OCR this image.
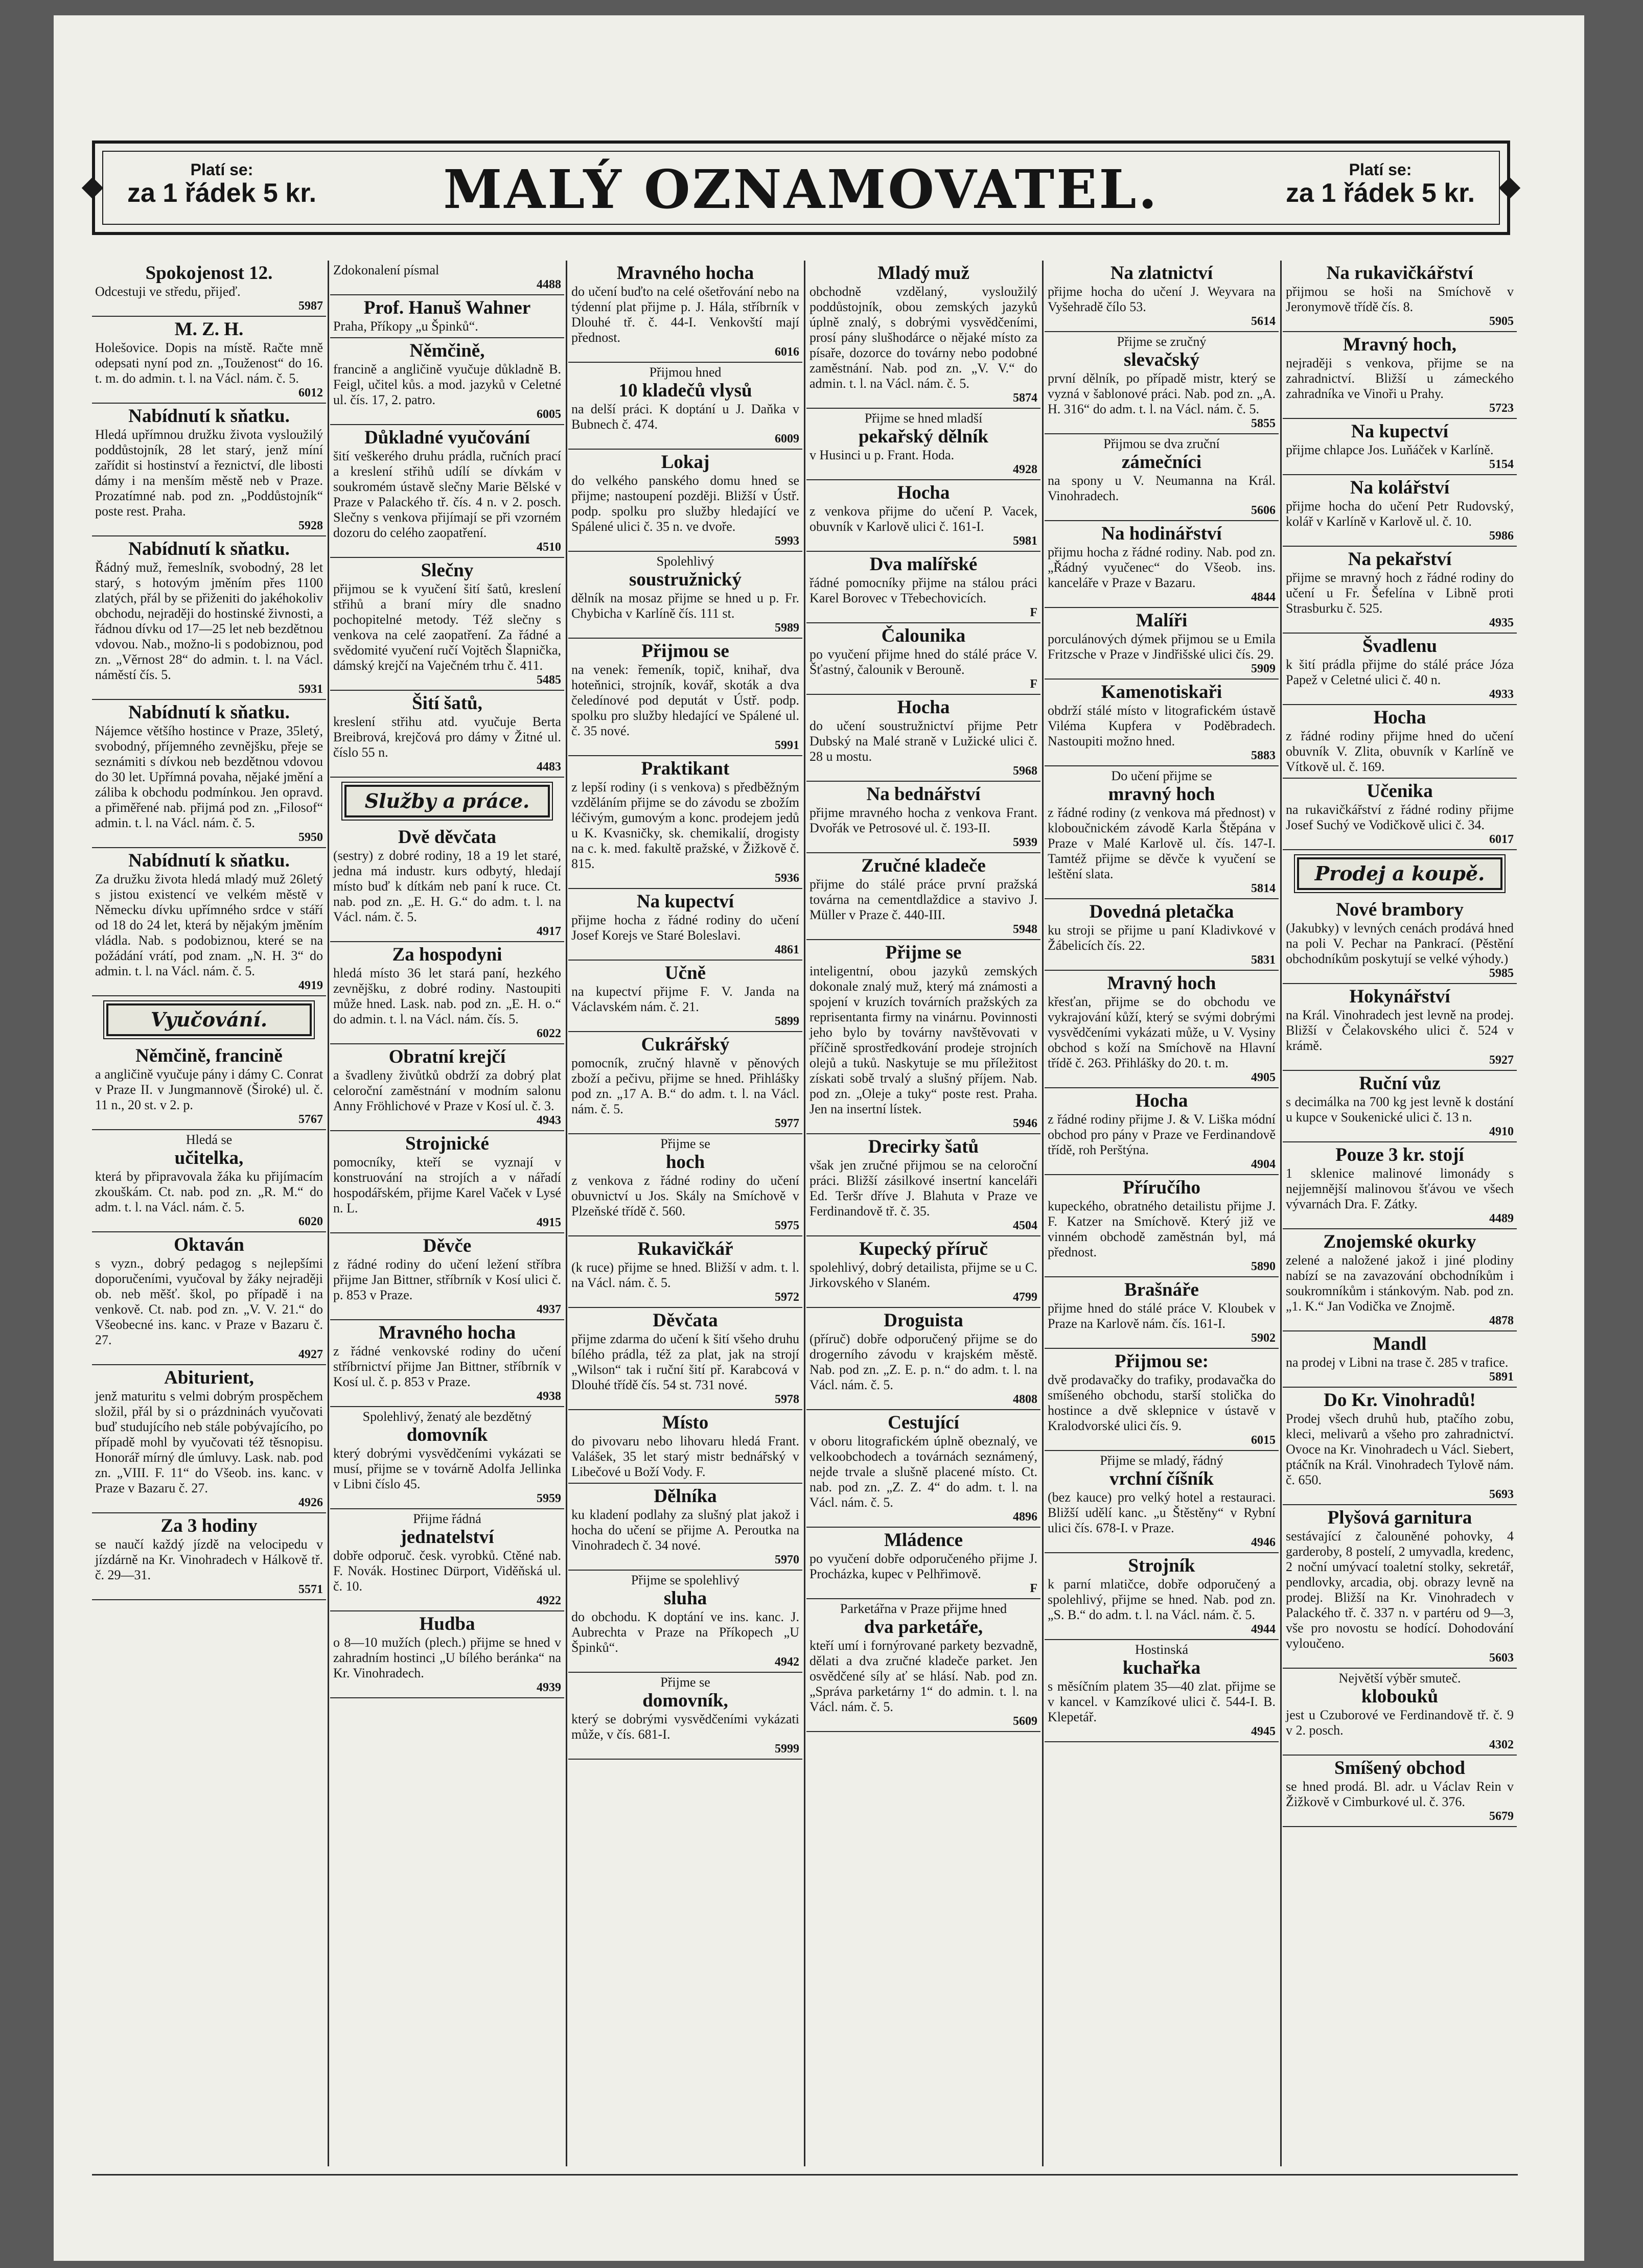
Platí se:
za 1 řádek 5 kr.	MALÝ OZNAMOVATEL.	Platí se:
za 1 řádek 5 kr.
Spokojenost 12.
Odcestuji ve středu, přijeď.
5987
M. Z. H.
Holešovice. Dopis na místě. Račte mně odepsati nyní pod zn. „Touženost“ do 16. t. m. do admin. t. l. na Václ. nám. č. 5.
6012
Nabídnutí k sňatku.
Hledá upřímnou družku života vysloužilý poddůstojník, 28 let starý, jenž míní zařídit si hostinství a řeznictví, dle libosti dámy i na menším městě neb v Praze. Prozatímné nab. pod zn. „Poddůstojník“ poste rest. Praha.
5928
Nabídnutí k sňatku.
Řádný muž, řemeslník, svobodný, 28 let starý, s hotovým jměním přes 1100 zlatých, přál by se přiženiti do jakéhokoliv obchodu, nejraději do hostinské živnosti, a řádnou dívku od 17—25 let neb bezdětnou vdovou. Nab., možno-li s podobiznou, pod zn. „Věrnost 28“ do admin. t. l. na Václ. náměstí čís. 5.
5931
Nabídnutí k sňatku.
Nájemce většího hostince v Praze, 35letý, svobodný, příjemného zevnějšku, přeje se seznámiti s dívkou neb bezdětnou vdovou do 30 let. Upřímná povaha, nějaké jmění a záliba k obchodu podmínkou. Jen opravd. a přiměřené nab. přijmá pod zn. „Filosof“ admin. t. l. na Václ. nám. č. 5.
5950
Nabídnutí k sňatku.
Za družku života hledá mladý muž 26letý s jistou existencí ve velkém městě v Německu dívku upřímného srdce v stáří od 18 do 24 let, která by nějakým jměním vládla. Nab. s podobiznou, které se na požádání vrátí, pod znam. „N. H. 3“ do admin. t. l. na Václ. nám. č. 5.
4919
Vyučování.
Němčině, francině
a angličině vyučuje pány i dámy C. Conrat v Praze II. v Jungmannově (Široké) ul. č. 11 n., 20 st. v 2. p.
5767
Hledá se
učitelka,
která by připravovala žáka ku přijímacím zkouškám. Ct. nab. pod zn. „R. M.“ do adm. t. l. na Václ. nám. č. 5.
6020
Oktaván
s vyzn., dobrý pedagog s nejlepšími doporučeními, vyučoval by žáky nejraději ob. neb měšť. škol, po případě i na venkově. Ct. nab. pod zn. „V. V. 21.“ do Všeobecné ins. kanc. v Praze v Bazaru č. 27.
4927
Abiturient,
jenž maturitu s velmi dobrým prospěchem složil, přál by si o prázdninách vyučovati buď studujícího neb stále pobývajícího, po případě mohl by vyučovati též těsnopisu. Honorář mírný dle úmluvy. Lask. nab. pod zn. „VIII. F. 11“ do Všeob. ins. kanc. v Praze v Bazaru č. 27.
4926
Za 3 hodiny
se naučí každý jízdě na velocipedu v jízdárně na Kr. Vinohradech v Hálkově tř. č. 29—31.
5571
Zdokonalení písmal
4488
Prof. Hanuš Wahner
Praha, Příkopy „u Špinků“.
Němčině,
francině a angličině vyučuje důkladně B. Feigl, učitel kůs. a mod. jazyků v Celetné ul. čís. 17, 2. patro.
6005
Důkladné vyučování
šití veškerého druhu prádla, ručních prací a kreslení střihů udílí se dívkám v soukromém ústavě slečny Marie Bělské v Praze v Palackého tř. čís. 4 n. v 2. posch. Slečny s venkova přijímají se při vzorném dozoru do celého zaopatření.
4510
Slečny
přijmou se k vyučení šití šatů, kreslení střihů a braní míry dle snadno pochopitelné metody. Též slečny s venkova na celé zaopatření. Za řádné a svědomité vyučení ručí Vojtěch Šlapnička, dámský krejčí na Vaječném trhu č. 411.
5485
Šití šatů,
kreslení střihu atd. vyučuje Berta Breibrová, krejčová pro dámy v Žitné ul. číslo 55 n.
4483
Služby a práce.
Dvě děvčata
(sestry) z dobré rodiny, 18 a 19 let staré, jedna má industr. kurs odbytý, hledají místo buď k dítkám neb paní k ruce. Ct. nab. pod zn. „E. H. G.“ do adm. t. l. na Václ. nám. č. 5.
4917
Za hospodyni
hledá místo 36 let stará paní, hezkého zevnějšku, z dobré rodiny. Nastoupiti může hned. Lask. nab. pod zn. „E. H. o.“ do admin. t. l. na Václ. nám. čís. 5.
6022
Obratní krejčí
a švadleny živůtků obdrží za dobrý plat celoroční zaměstnání v modním salonu Anny Fröhlichové v Praze v Kosí ul. č. 3.
4943
Strojnické
pomocníky, kteří se vyznají v konstruování na strojích a v nářadí hospodářském, přijme Karel Vaček v Lysé n. L.
4915
Děvče
z řádné rodiny do učení ležení stříbra přijme Jan Bittner, stříbrník v Kosí ulici č. p. 853 v Praze.
4937
Mravného hocha
z řádné venkovské rodiny do učení stříbrnictví přijme Jan Bittner, stříbrník v Kosí ul. č. p. 853 v Praze.
4938
Spolehlivý, ženatý ale bezdětný
domovník
který dobrými vysvědčeními vykázati se musí, přijme se v továrně Adolfa Jellinka v Libni číslo 45.
5959
Přijme řádná
jednatelství
dobře odporuč. česk. vyrobků. Ctěné nab. F. Novák. Hostinec Dürport, Viděňská ul. č. 10.
4922
Hudba
o 8—10 mužích (plech.) přijme se hned v zahradním hostinci „U bílého beránka“ na Kr. Vinohradech.
4939
Mravného hocha
do učení buďto na celé ošetřování nebo na týdenní plat přijme p. J. Hála, stříbrník v Dlouhé tř. č. 44-I. Venkovští mají přednost.
6016
Přijmou hned
10 kladečů vlysů
na delší práci. K doptání u J. Daňka v Bubnech č. 474.
6009
Lokaj
do velkého panského domu hned se přijme; nastoupení později. Bližší v Ústř. podp. spolku pro služby hledající ve Spálené ulici č. 35 n. ve dvoře.
5993
Spolehlivý
soustružnický
dělník na mosaz přijme se hned u p. Fr. Chybicha v Karlíně čís. 111 st.
5989
Přijmou se
na venek: řemeník, topič, knihař, dva hoteňnici, strojník, kovář, skoták a dva čeledínové pod deputát v Ústř. podp. spolku pro služby hledající ve Spálené ul. č. 35 nové.
5991
Praktikant
z lepší rodiny (i s venkova) s předběžným vzděláním přijme se do závodu se zbožím léčivým, gumovým a konc. prodejem jedů u K. Kvasničky, sk. chemikalií, drogisty na c. k. med. fakultě pražské, v Žižkově č. 815.
5936
Na kupectví
přijme hocha z řádné rodiny do učení Josef Korejs ve Staré Boleslavi.
4861
Učně
na kupectví přijme F. V. Janda na Václavském nám. č. 21.
5899
Cukrářský
pomocník, zručný hlavně v pěnových zboží a pečivu, přijme se hned. Přihlášky pod zn. „17 A. B.“ do adm. t. l. na Václ. nám. č. 5.
5977
Přijme se
hoch
z venkova z řádné rodiny do učení obuvnictví u Jos. Skály na Smíchově v Plzeňské třídě č. 560.
5975
Rukavičkář
(k ruce) přijme se hned. Bližší v adm. t. l. na Václ. nám. č. 5.
5972
Děvčata
přijme zdarma do učení k šití všeho druhu bílého prádla, též za plat, jak na strojí „Wilson“ tak i ruční šití př. Karabcová v Dlouhé třídě čís. 54 st. 731 nové.
5978
Místo
do pivovaru nebo lihovaru hledá Frant. Valášek, 35 let starý mistr bednářský v Libečové u Boží Vody. F.
Dělníka
ku kladení podlahy za slušný plat jakož i hocha do učení se přijme A. Peroutka na Vinohradech č. 34 nové.
5970
Přijme se spolehlivý
sluha
do obchodu. K doptání ve ins. kanc. J. Aubrechta v Praze na Příkopech „U Špinků“.
4942
Přijme se
domovník,
který se dobrými vysvědčeními vykázati může, v čís. 681-I.
5999
Mladý muž
obchodně vzdělaný, vysloužilý poddůstojník, obou zemských jazyků úplně znalý, s dobrými vysvědčeními, prosí pány slušhodárce o nějaké místo za písaře, dozorce do továrny nebo podobné zaměstnání. Nab. pod zn. „V. V.“ do admin. t. l. na Václ. nám. č. 5.
5874
Přijme se hned mladší
pekařský dělník
v Husinci u p. Frant. Hoda.
4928
Hocha
z venkova přijme do učení P. Vacek, obuvník v Karlově ulici č. 161-I.
5981
Dva malířské
řádné pomocníky přijme na stálou práci Karel Borovec v Třebechovicích.
F
Čalounika
po vyučení přijme hned do stálé práce V. Šťastný, čalounik v Berouně.
F
Hocha
do učení soustružnictví přijme Petr Dubský na Malé straně v Lužické ulici č. 28 u mostu.
5968
Na bednářství
přijme mravného hocha z venkova Frant. Dvořák ve Petrosové ul. č. 193-II.
5939
Zručné kladeče
přijme do stálé práce první pražská továrna na cementdlaždice a stavivo J. Müller v Praze č. 440-III.
5948
Přijme se
inteligentní, obou jazyků zemských dokonale znalý muž, který má známosti a spojení v kruzích továrních pražských za reprisentanta firmy na vinárnu. Povinnosti jeho bylo by továrny navštěvovati v příčině sprostředkování prodeje strojních olejů a tuků. Naskytuje se mu příležitost získati sobě trvalý a slušný příjem. Nab. pod zn. „Oleje a tuky“ poste rest. Praha. Jen na insertní lístek.
5946
Drecirky šatů
však jen zručné přijmou se na celoroční práci. Bližší zásilkové insertní kanceláři Ed. Teršr dříve J. Blahuta v Praze ve Ferdinandově tř. č. 35.
4504
Kupecký příruč
spolehlivý, dobrý detailista, přijme se u C. Jirkovského v Slaném.
4799
Droguista
(příruč) dobře odporučený přijme se do drogerního závodu v krajském městě. Nab. pod zn. „Z. E. p. n.“ do adm. t. l. na Václ. nám. č. 5.
4808
Cestující
v oboru litografickém úplně obeznalý, ve velkoobchodech a továrnách seznámený, nejde trvale a slušně placené místo. Ct. nab. pod zn. „Z. Z. 4“ do adm. t. l. na Václ. nám. č. 5.
4896
Mládence
po vyučení dobře odporučeného přijme J. Procházka, kupec v Pelhřimově.
F
Parketářna v Praze přijme hned
dva parketáře,
kteří umí i fornýrované parkety bezvadně, dělati a dva zručné kladeče parket. Jen osvědčené síly ať se hlásí. Nab. pod zn. „Správa parketárny 1“ do admin. t. l. na Václ. nám. č. 5.
5609
Na zlatnictví
přijme hocha do učení J. Weyvara na Vyšehradě čílo 53.
5614
Přijme se zručný
slevačský
první dělník, po případě mistr, který se vyzná v šablonové práci. Nab. pod zn. „A. H. 316“ do adm. t. l. na Václ. nám. č. 5.
5855
Přijmou se dva zruční
zámečníci
na spony u V. Neumanna na Král. Vinohradech.
5606
Na hodinářství
přijmu hocha z řádné rodiny. Nab. pod zn. „Řádný vyučenec“ do Všeob. ins. kanceláře v Praze v Bazaru.
4844
Malíři
porculánových dýmek přijmou se u Emila Fritzsche v Praze v Jindřišské ulici čís. 29.
5909
Kamenotiskaři
obdrží stálé místo v litografickém ústavě Viléma Kupfera v Poděbradech. Nastoupiti možno hned.
5883
Do učení přijme se
mravný hoch
z řádné rodiny (z venkova má přednost) v kloboučnickém závodě Karla Štěpána v Praze v Malé Karlově ul. čís. 147-I. Tamtéž přijme se děvče k vyučení se leštění slata.
5814
Dovedná pletačka
ku stroji se přijme u paní Kladivkové v Žábelicích čís. 22.
5831
Mravný hoch
křesťan, přijme se do obchodu ve vykrajování kůží, který se svými dobrými vysvědčeními vykázati může, u V. Vysiny obchod s koží na Smíchově na Hlavní třídě č. 263. Přihlášky do 20. t. m.
4905
Hocha
z řádné rodiny přijme J. & V. Liška módní obchod pro pány v Praze ve Ferdinandově třídě, roh Perštýna.
4904
Příručího
kupeckého, obratného detailistu přijme J. F. Katzer na Smíchově. Který již ve vinném obchodě zaměstnán byl, má přednost.
5890
Brašnáře
přijme hned do stálé práce V. Kloubek v Praze na Karlově nám. čís. 161-I.
5902
Přijmou se:
dvě prodavačky do trafiky, prodavačka do smíšeného obchodu, starší stolička do hostince a dvě sklepnice v ústavě v Kralodvorské ulici čís. 9.
6015
Přijme se mladý, řádný
vrchní číšník
(bez kauce) pro velký hotel a restauraci. Bližší udělí kanc. „u Štěstěny“ v Rybní ulici čís. 678-I. v Praze.
4946
Strojník
k parní mlatičce, dobře odporučený a spolehlivý, přijme se hned. Nab. pod zn. „S. B.“ do adm. t. l. na Václ. nám. č. 5.
4944
Hostinská
kuchařka
s měsíčním platem 35—40 zlat. přijme se v kancel. v Kamzíkové ulici č. 544-I. B. Klepetář.
4945
Na rukavičkářství
přijmou se hoši na Smíchově v Jeronymově třídě čís. 8.
5905
Mravný hoch,
nejraději s venkova, přijme se na zahradnictví. Bližší u zámeckého zahradníka ve Vinoři u Prahy.
5723
Na kupectví
přijme chlapce Jos. Luňáček v Karlíně.
5154
Na kolářství
přijme hocha do učení Petr Rudovský, kolář v Karlíně v Karlově ul. č. 10.
5986
Na pekařství
přijme se mravný hoch z řádné rodiny do učení u Fr. Šefelína v Libně proti Strasburku č. 525.
4935
Švadlenu
k šití prádla přijme do stálé práce Józa Papež v Celetné ulici č. 40 n.
4933
Hocha
z řádné rodiny přijme hned do učení obuvník V. Zlita, obuvník v Karlíně ve Vítkově ul. č. 169.
Učenika
na rukavičkářství z řádné rodiny přijme Josef Suchý ve Vodičkově ulici č. 34.
6017
Prodej a koupě.
Nové brambory
(Jakubky) v levných cenách prodává hned na poli V. Pechar na Pankrací. (Pěstění obchodníkům poskytují se velké výhody.)
5985
Hokynářství
na Král. Vinohradech jest levně na prodej. Bližší v Čelakovského ulici č. 524 v krámě.
5927
Ruční vůz
s decimálka na 700 kg jest levně k dostání u kupce v Soukenické ulici č. 13 n.
4910
Pouze 3 kr. stojí
1 sklenice malinové limonády s nejjemnější malinovou šťávou ve všech vývarnách Dra. F. Zátky.
4489
Znojemské okurky
zelené a naložené jakož i jiné plodiny nabízí se na zavazování obchodníkům i soukromníkům i stánkovým. Nab. pod zn. „1. K.“ Jan Vodička ve Znojmě.
4878
Mandl
na prodej v Libni na trase č. 285 v trafice.
5891
Do Kr. Vinohradů!
Prodej všech druhů hub, ptačího zobu, kleci, melivarů a všeho pro zahradnictví. Ovoce na Kr. Vinohradech u Václ. Siebert, ptáčník na Král. Vinohradech Tylově nám. č. 650.
5693
Plyšová garnitura
sestávající z čalouněné pohovky, 4 garderoby, 8 postelí, 2 umyvadla, kredenc, 2 noční umývací toaletní stolky, sekretář, pendlovky, arcadia, obj. obrazy levně na prodej. Bližší na Kr. Vinohradech v Palackého tř. č. 337 n. v partéru od 9—3, vše pro novostu se hodící. Dohodování vyloučeno.
5603
Největší výběr smuteč.
klobouků
jest u Czuborové ve Ferdinandově tř. č. 9 v 2. posch.
4302
Smíšený obchod
se hned prodá. Bl. adr. u Václav Rein v Žižkově v Cimburkové ul. č. 376.
5679
